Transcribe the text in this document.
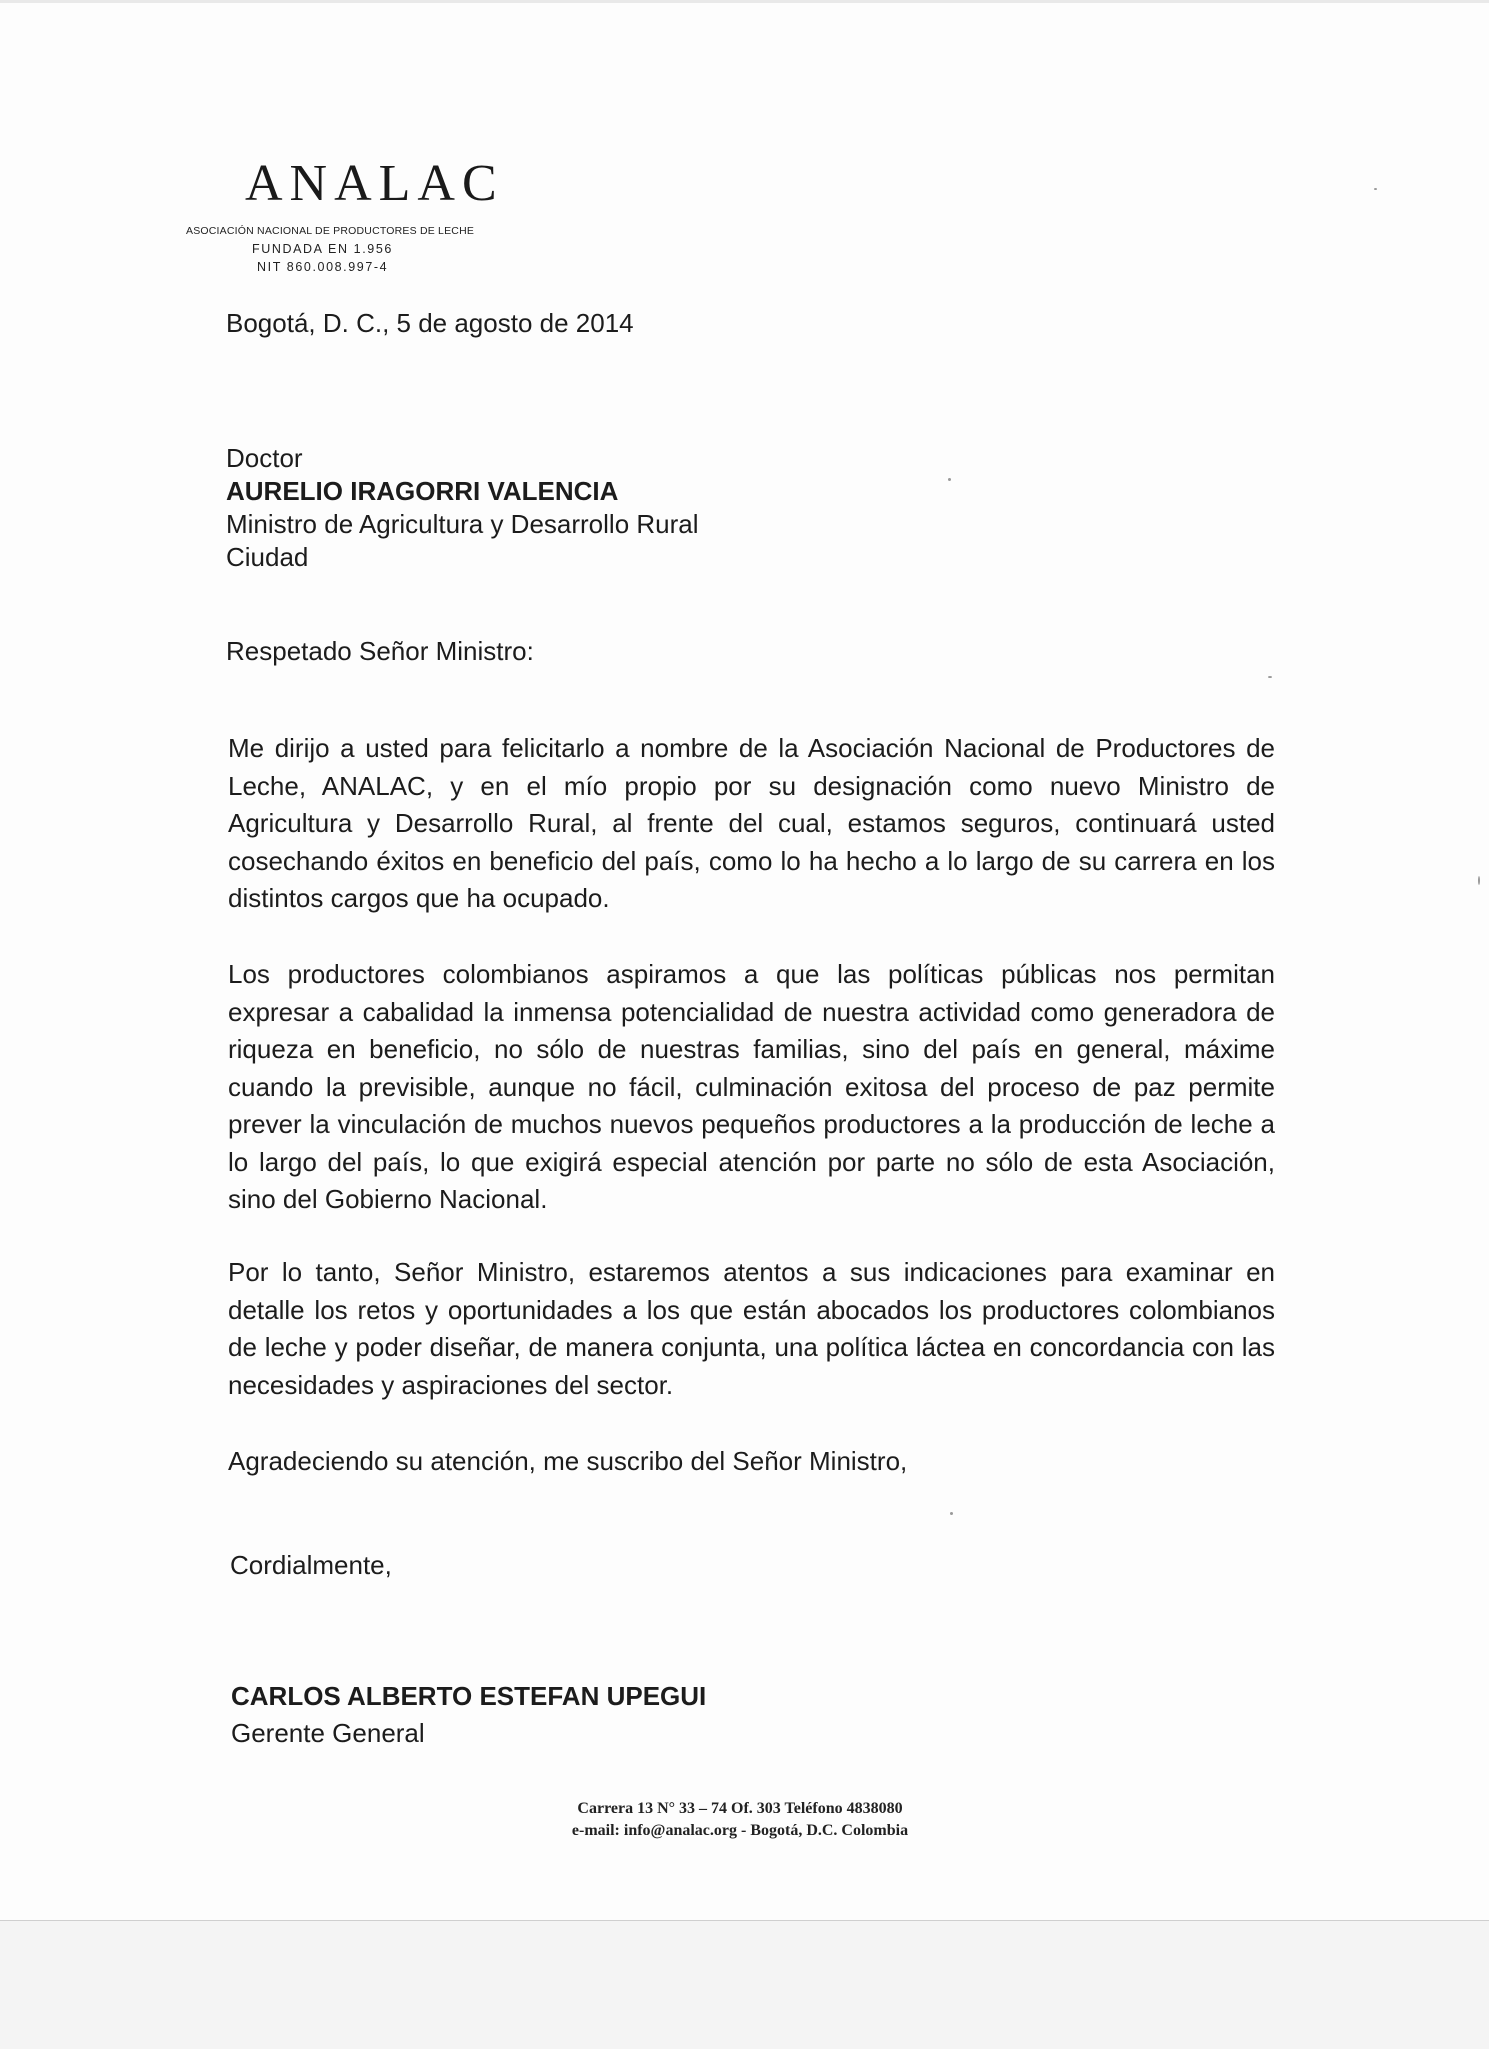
ANALAC
ASOCIACIÓN NACIONAL DE PRODUCTORES DE LECHE
FUNDADA EN 1.956
NIT 860.008.997-4
Bogotá, D. C., 5 de agosto de 2014
Doctor
AURELIO IRAGORRI VALENCIA
Ministro de Agricultura y Desarrollo Rural
Ciudad
Respetado Señor Ministro:
Me dirijo a usted para felicitarlo a nombre de la Asociación Nacional de Productores de Leche, ANALAC, y en el mío propio por su designación como nuevo Ministro de Agricultura y Desarrollo Rural, al frente del cual, estamos seguros, continuará usted cosechando éxitos en beneficio del país, como lo ha hecho a lo largo de su carrera en los distintos cargos que ha ocupado.
Los productores colombianos aspiramos a que las políticas públicas nos permitan expresar a cabalidad la inmensa potencialidad de nuestra actividad como generadora de riqueza en beneficio, no sólo de nuestras familias, sino del país en general, máxime cuando la previsible, aunque no fácil, culminación exitosa del proceso de paz permite prever la vinculación de muchos nuevos pequeños productores a la producción de leche a lo largo del país, lo que exigirá especial atención por parte no sólo de esta Asociación, sino del Gobierno Nacional.
Por lo tanto, Señor Ministro, estaremos atentos a sus indicaciones para examinar en detalle los retos y oportunidades a los que están abocados los productores colombianos de leche y poder diseñar, de manera conjunta, una política láctea en concordancia con las necesidades y aspiraciones del sector.
Agradeciendo su atención, me suscribo del Señor Ministro,
Cordialmente,
CARLOS ALBERTO ESTEFAN UPEGUI
Gerente General
Carrera 13 N° 33 – 74 Of. 303 Teléfono 4838080
e-mail: info@analac.org - Bogotá, D.C. Colombia
